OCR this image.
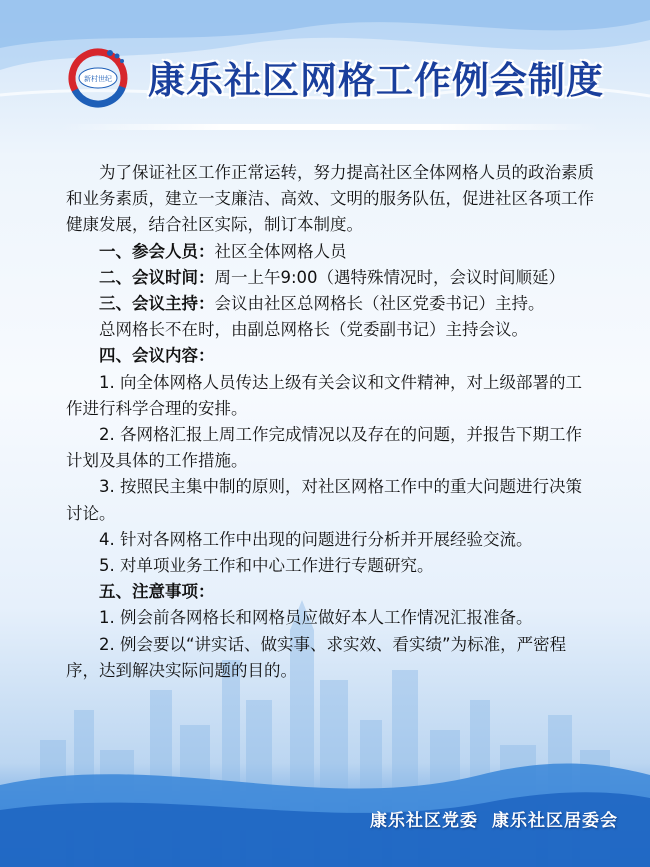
新村世纪 康乐社区网格工作例会制度

为了保证社区工作正常运转，努力提高社区全体网格人员的政治素质和业务素质，建立一支廉洁、高效、文明的服务队伍，促进社区各项工作健康发展，结合社区实际，制订本制度。

一、参会人员：社区全体网格人员

二、会议时间：周一上午9:00（遇特殊情况时，会议时间顺延）

三、会议主持：会议由社区总网格长（社区党委书记）主持。

总网格长不在时，由副总网格长（党委副书记）主持会议。

四、会议内容：

1. 向全体网格人员传达上级有关会议和文件精神，对上级部署的工作进行科学合理的安排。

2. 各网格汇报上周工作完成情况以及存在的问题，并报告下期工作计划及具体的工作措施。

3. 按照民主集中制的原则，对社区网格工作中的重大问题进行决策讨论。

4. 针对各网格工作中出现的问题进行分析并开展经验交流。

5. 对单项业务工作和中心工作进行专题研究。

五、注意事项：

1. 例会前各网格长和网格员应做好本人工作情况汇报准备。

2. 例会要以“讲实话、做实事、求实效、看实绩”为标准，严密程序，达到解决实际问题的目的。

康乐社区党委 康乐社区居委会
